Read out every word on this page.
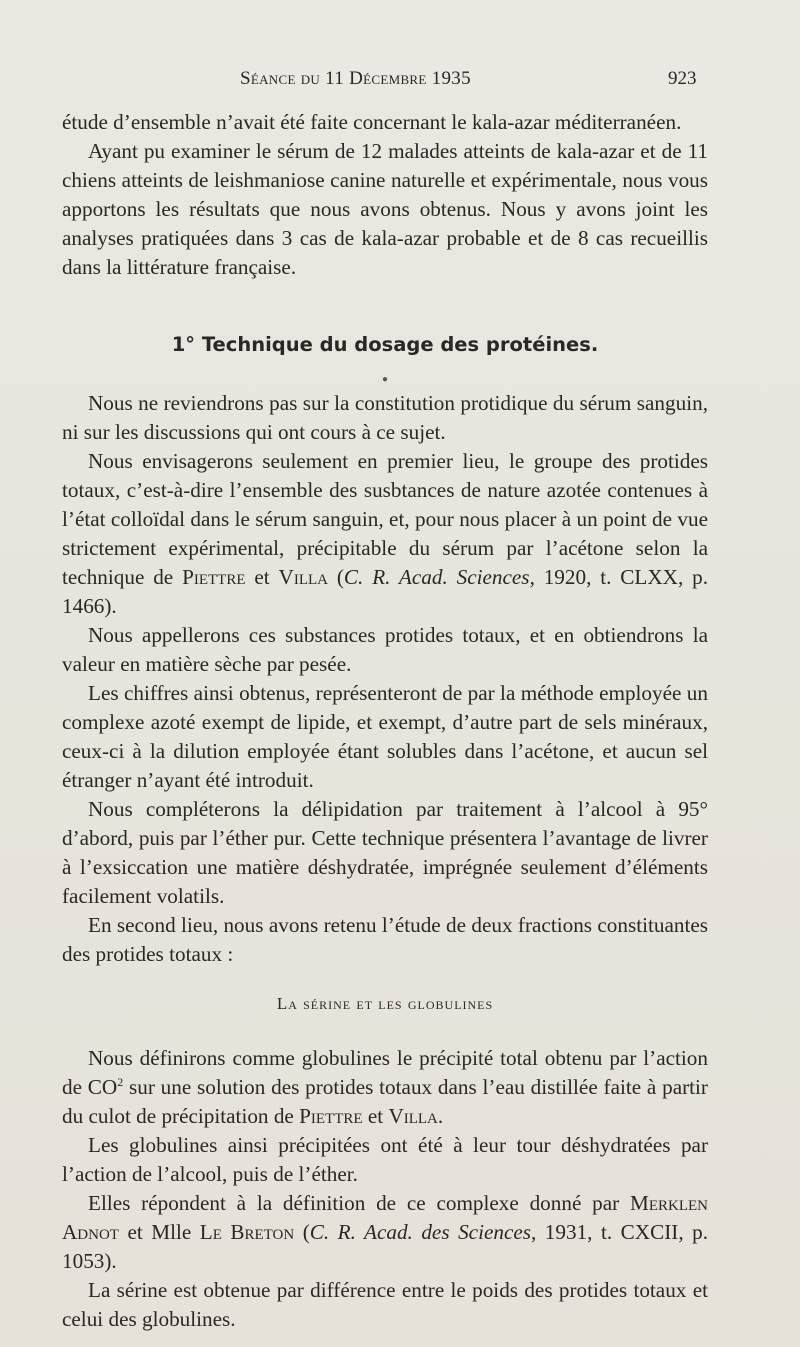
Séance du 11 Décembre 1935	923

étude d’ensemble n’avait été faite concernant le kala-azar méditerranéen.

Ayant pu examiner le sérum de 12 malades atteints de kala-azar et de 11 chiens atteints de leishmaniose canine naturelle et expérimentale, nous vous apportons les résultats que nous avons obtenus. Nous y avons joint les analyses pratiquées dans 3 cas de kala-azar probable et de 8 cas recueillis dans la littérature française.

1° Technique du dosage des protéines.
●

Nous ne reviendrons pas sur la constitution protidique du sérum sanguin, ni sur les discussions qui ont cours à ce sujet.

Nous envisagerons seulement en premier lieu, le groupe des protides totaux, c’est-à-dire l’ensemble des susbtances de nature azotée contenues à l’état colloïdal dans le sérum sanguin, et, pour nous placer à un point de vue strictement expérimental, précipitable du sérum par l’acétone selon la technique de Piettre et Villa (C. R. Acad. Sciences, 1920, t. CLXX, p. 1466).

Nous appellerons ces substances protides totaux, et en obtiendrons la valeur en matière sèche par pesée.

Les chiffres ainsi obtenus, représenteront de par la méthode employée un complexe azoté exempt de lipide, et exempt, d’autre part de sels minéraux, ceux-ci à la dilution employée étant solubles dans l’acétone, et aucun sel étranger n’ayant été introduit.

Nous compléterons la délipidation par traitement à l’alcool à 95° d’abord, puis par l’éther pur. Cette technique présentera l’avantage de livrer à l’exsiccation une matière déshydratée, imprégnée seulement d’éléments facilement volatils.

En second lieu, nous avons retenu l’étude de deux fractions constituantes des protides totaux :

La sérine et les globulines

Nous définirons comme globulines le précipité total obtenu par l’action de $CO^2$ sur une solution des protides totaux dans l’eau distillée faite à partir du culot de précipitation de Piettre et Villa.

Les globulines ainsi précipitées ont été à leur tour déshydratées par l’action de l’alcool, puis de l’éther.

Elles répondent à la définition de ce complexe donné par Merklen Adnot et Mlle Le Breton (C. R. Acad. des Sciences, 1931, t. CXCII, p. 1053).

La sérine est obtenue par différence entre le poids des protides totaux et celui des globulines.
